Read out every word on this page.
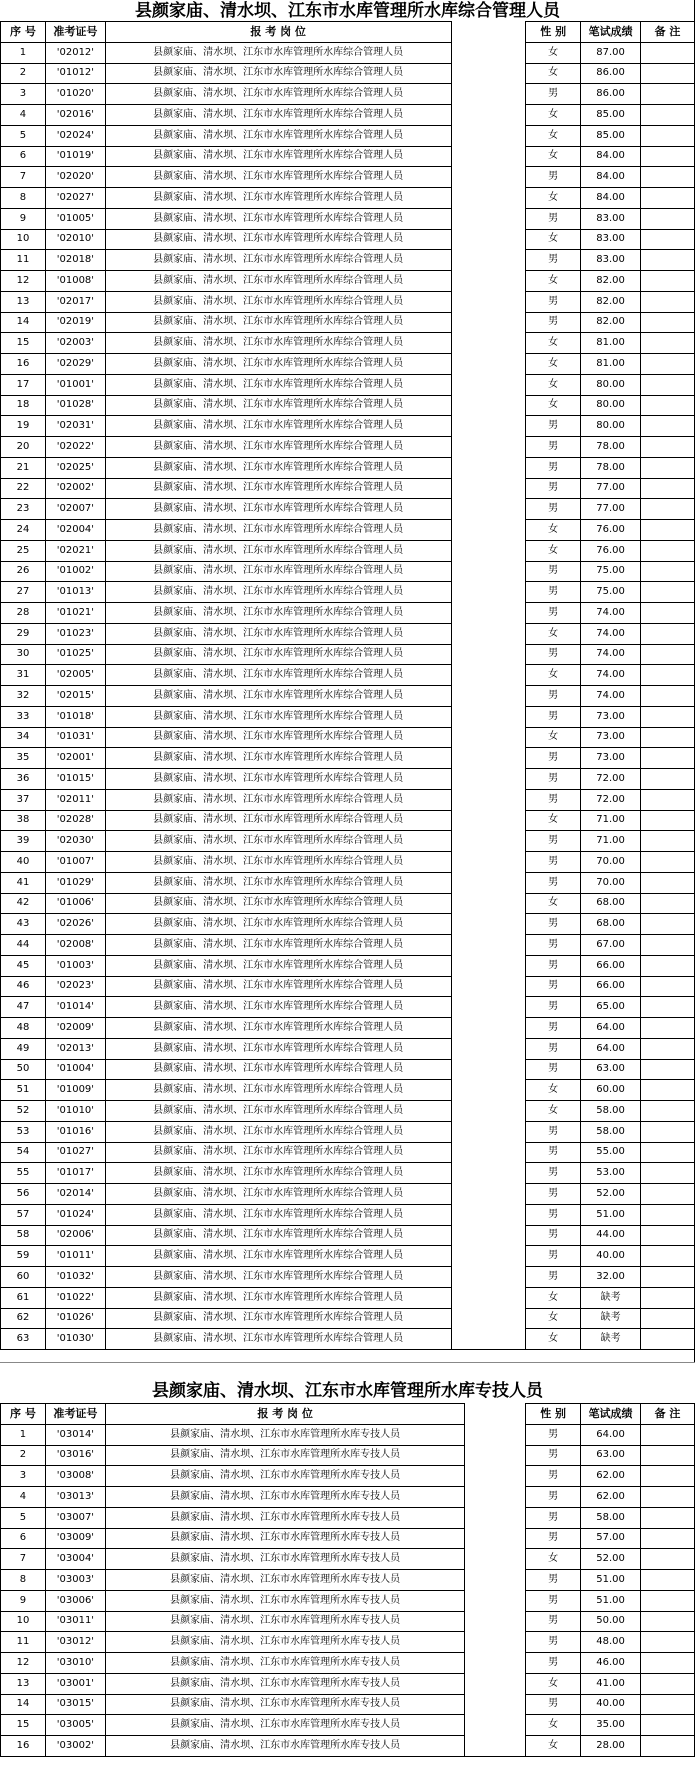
县颜家庙、清水坝、江东市水库管理所水库综合管理人员
序 号	准考证号	报 考 岗 位		性 别	笔试成绩	备 注
1	'02012'	县颜家庙、清水坝、江东市水库管理所水库综合管理人员		女	87.00	
2	'01012'	县颜家庙、清水坝、江东市水库管理所水库综合管理人员		女	86.00	
3	'01020'	县颜家庙、清水坝、江东市水库管理所水库综合管理人员		男	86.00	
4	'02016'	县颜家庙、清水坝、江东市水库管理所水库综合管理人员		女	85.00	
5	'02024'	县颜家庙、清水坝、江东市水库管理所水库综合管理人员		女	85.00	
6	'01019'	县颜家庙、清水坝、江东市水库管理所水库综合管理人员		女	84.00	
7	'02020'	县颜家庙、清水坝、江东市水库管理所水库综合管理人员		男	84.00	
8	'02027'	县颜家庙、清水坝、江东市水库管理所水库综合管理人员		女	84.00	
9	'01005'	县颜家庙、清水坝、江东市水库管理所水库综合管理人员		男	83.00	
10	'02010'	县颜家庙、清水坝、江东市水库管理所水库综合管理人员		女	83.00	
11	'02018'	县颜家庙、清水坝、江东市水库管理所水库综合管理人员		男	83.00	
12	'01008'	县颜家庙、清水坝、江东市水库管理所水库综合管理人员		女	82.00	
13	'02017'	县颜家庙、清水坝、江东市水库管理所水库综合管理人员		男	82.00	
14	'02019'	县颜家庙、清水坝、江东市水库管理所水库综合管理人员		男	82.00	
15	'02003'	县颜家庙、清水坝、江东市水库管理所水库综合管理人员		女	81.00	
16	'02029'	县颜家庙、清水坝、江东市水库管理所水库综合管理人员		女	81.00	
17	'01001'	县颜家庙、清水坝、江东市水库管理所水库综合管理人员		女	80.00	
18	'01028'	县颜家庙、清水坝、江东市水库管理所水库综合管理人员		女	80.00	
19	'02031'	县颜家庙、清水坝、江东市水库管理所水库综合管理人员		男	80.00	
20	'02022'	县颜家庙、清水坝、江东市水库管理所水库综合管理人员		男	78.00	
21	'02025'	县颜家庙、清水坝、江东市水库管理所水库综合管理人员		男	78.00	
22	'02002'	县颜家庙、清水坝、江东市水库管理所水库综合管理人员		男	77.00	
23	'02007'	县颜家庙、清水坝、江东市水库管理所水库综合管理人员		男	77.00	
24	'02004'	县颜家庙、清水坝、江东市水库管理所水库综合管理人员		女	76.00	
25	'02021'	县颜家庙、清水坝、江东市水库管理所水库综合管理人员		女	76.00	
26	'01002'	县颜家庙、清水坝、江东市水库管理所水库综合管理人员		男	75.00	
27	'01013'	县颜家庙、清水坝、江东市水库管理所水库综合管理人员		男	75.00	
28	'01021'	县颜家庙、清水坝、江东市水库管理所水库综合管理人员		男	74.00	
29	'01023'	县颜家庙、清水坝、江东市水库管理所水库综合管理人员		女	74.00	
30	'01025'	县颜家庙、清水坝、江东市水库管理所水库综合管理人员		男	74.00	
31	'02005'	县颜家庙、清水坝、江东市水库管理所水库综合管理人员		女	74.00	
32	'02015'	县颜家庙、清水坝、江东市水库管理所水库综合管理人员		男	74.00	
33	'01018'	县颜家庙、清水坝、江东市水库管理所水库综合管理人员		男	73.00	
34	'01031'	县颜家庙、清水坝、江东市水库管理所水库综合管理人员		女	73.00	
35	'02001'	县颜家庙、清水坝、江东市水库管理所水库综合管理人员		男	73.00	
36	'01015'	县颜家庙、清水坝、江东市水库管理所水库综合管理人员		男	72.00	
37	'02011'	县颜家庙、清水坝、江东市水库管理所水库综合管理人员		男	72.00	
38	'02028'	县颜家庙、清水坝、江东市水库管理所水库综合管理人员		女	71.00	
39	'02030'	县颜家庙、清水坝、江东市水库管理所水库综合管理人员		男	71.00	
40	'01007'	县颜家庙、清水坝、江东市水库管理所水库综合管理人员		男	70.00	
41	'01029'	县颜家庙、清水坝、江东市水库管理所水库综合管理人员		男	70.00	
42	'01006'	县颜家庙、清水坝、江东市水库管理所水库综合管理人员		女	68.00	
43	'02026'	县颜家庙、清水坝、江东市水库管理所水库综合管理人员		男	68.00	
44	'02008'	县颜家庙、清水坝、江东市水库管理所水库综合管理人员		男	67.00	
45	'01003'	县颜家庙、清水坝、江东市水库管理所水库综合管理人员		男	66.00	
46	'02023'	县颜家庙、清水坝、江东市水库管理所水库综合管理人员		男	66.00	
47	'01014'	县颜家庙、清水坝、江东市水库管理所水库综合管理人员		男	65.00	
48	'02009'	县颜家庙、清水坝、江东市水库管理所水库综合管理人员		男	64.00	
49	'02013'	县颜家庙、清水坝、江东市水库管理所水库综合管理人员		男	64.00	
50	'01004'	县颜家庙、清水坝、江东市水库管理所水库综合管理人员		男	63.00	
51	'01009'	县颜家庙、清水坝、江东市水库管理所水库综合管理人员		女	60.00	
52	'01010'	县颜家庙、清水坝、江东市水库管理所水库综合管理人员		女	58.00	
53	'01016'	县颜家庙、清水坝、江东市水库管理所水库综合管理人员		男	58.00	
54	'01027'	县颜家庙、清水坝、江东市水库管理所水库综合管理人员		男	55.00	
55	'01017'	县颜家庙、清水坝、江东市水库管理所水库综合管理人员		男	53.00	
56	'02014'	县颜家庙、清水坝、江东市水库管理所水库综合管理人员		男	52.00	
57	'01024'	县颜家庙、清水坝、江东市水库管理所水库综合管理人员		男	51.00	
58	'02006'	县颜家庙、清水坝、江东市水库管理所水库综合管理人员		男	44.00	
59	'01011'	县颜家庙、清水坝、江东市水库管理所水库综合管理人员		男	40.00	
60	'01032'	县颜家庙、清水坝、江东市水库管理所水库综合管理人员		男	32.00	
61	'01022'	县颜家庙、清水坝、江东市水库管理所水库综合管理人员		女	缺考	
62	'01026'	县颜家庙、清水坝、江东市水库管理所水库综合管理人员		女	缺考	
63	'01030'	县颜家庙、清水坝、江东市水库管理所水库综合管理人员		女	缺考	
县颜家庙、清水坝、江东市水库管理所水库专技人员
序 号	准考证号	报 考 岗 位		性 别	笔试成绩	备 注
1	'03014'	县颜家庙、清水坝、江东市水库管理所水库专技人员		男	64.00	
2	'03016'	县颜家庙、清水坝、江东市水库管理所水库专技人员		男	63.00	
3	'03008'	县颜家庙、清水坝、江东市水库管理所水库专技人员		男	62.00	
4	'03013'	县颜家庙、清水坝、江东市水库管理所水库专技人员		男	62.00	
5	'03007'	县颜家庙、清水坝、江东市水库管理所水库专技人员		男	58.00	
6	'03009'	县颜家庙、清水坝、江东市水库管理所水库专技人员		男	57.00	
7	'03004'	县颜家庙、清水坝、江东市水库管理所水库专技人员		女	52.00	
8	'03003'	县颜家庙、清水坝、江东市水库管理所水库专技人员		男	51.00	
9	'03006'	县颜家庙、清水坝、江东市水库管理所水库专技人员		男	51.00	
10	'03011'	县颜家庙、清水坝、江东市水库管理所水库专技人员		男	50.00	
11	'03012'	县颜家庙、清水坝、江东市水库管理所水库专技人员		男	48.00	
12	'03010'	县颜家庙、清水坝、江东市水库管理所水库专技人员		男	46.00	
13	'03001'	县颜家庙、清水坝、江东市水库管理所水库专技人员		女	41.00	
14	'03015'	县颜家庙、清水坝、江东市水库管理所水库专技人员		男	40.00	
15	'03005'	县颜家庙、清水坝、江东市水库管理所水库专技人员		女	35.00	
16	'03002'	县颜家庙、清水坝、江东市水库管理所水库专技人员		女	28.00	
